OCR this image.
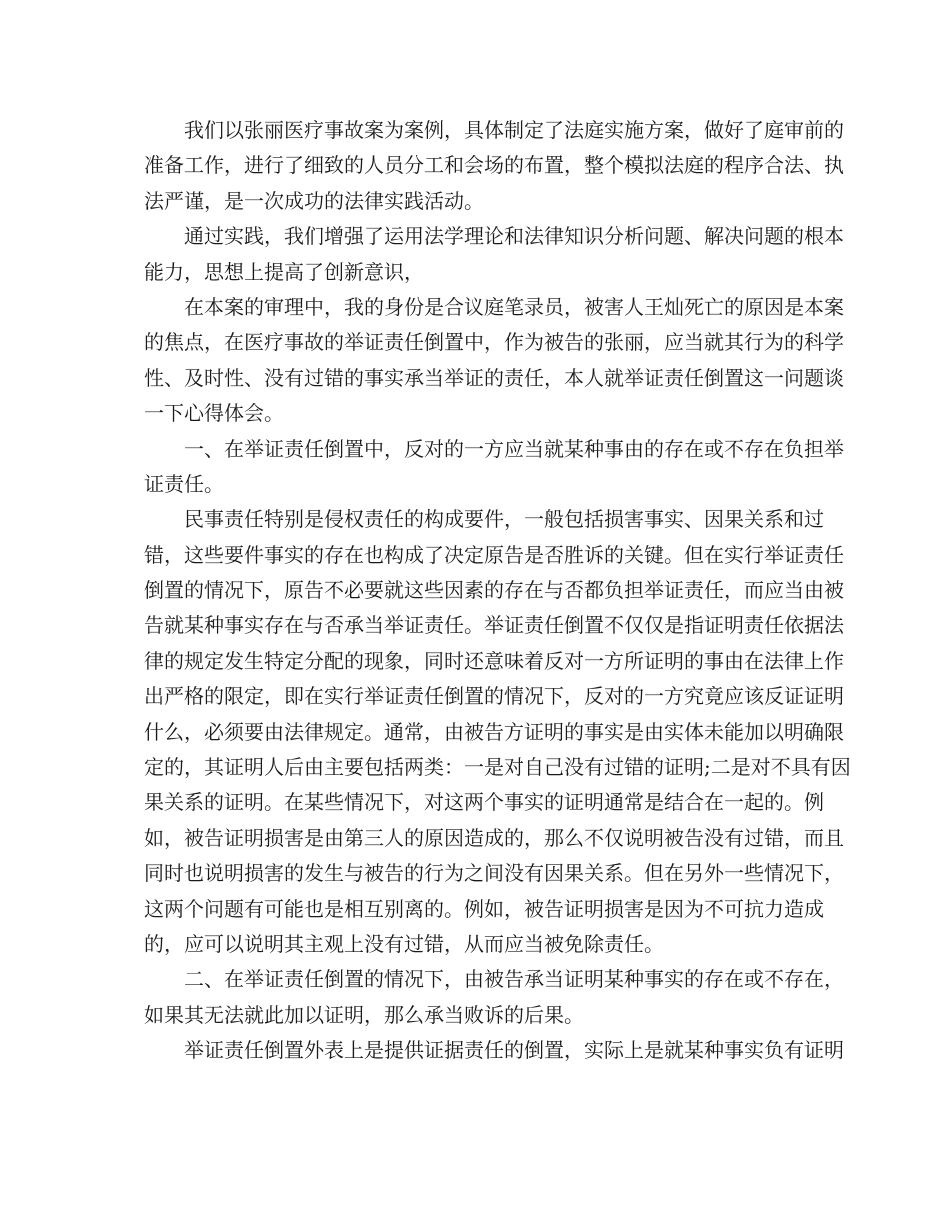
我们以张丽医疗事故案为案例，具体制定了法庭实施方案，做好了庭审前的
准备工作，进行了细致的人员分工和会场的布置，整个模拟法庭的程序合法、执
法严谨，是一次成功的法律实践活动。
通过实践，我们增强了运用法学理论和法律知识分析问题、解决问题的根本
能力，思想上提高了创新意识，
在本案的审理中，我的身份是合议庭笔录员，被害人王灿死亡的原因是本案
的焦点，在医疗事故的举证责任倒置中，作为被告的张丽，应当就其行为的科学
性、及时性、没有过错的事实承当举证的责任，本人就举证责任倒置这一问题谈
一下心得体会。
一、在举证责任倒置中，反对的一方应当就某种事由的存在或不存在负担举
证责任。
民事责任特别是侵权责任的构成要件，一般包括损害事实、因果关系和过
错，这些要件事实的存在也构成了决定原告是否胜诉的关键。但在实行举证责任
倒置的情况下，原告不必要就这些因素的存在与否都负担举证责任，而应当由被
告就某种事实存在与否承当举证责任。举证责任倒置不仅仅是指证明责任依据法
律的规定发生特定分配的现象，同时还意味着反对一方所证明的事由在法律上作
出严格的限定，即在实行举证责任倒置的情况下，反对的一方究竟应该反证证明
什么，必须要由法律规定。通常，由被告方证明的事实是由实体未能加以明确限
定的，其证明人后由主要包括两类：一是对自己没有过错的证明;二是对不具有因
果关系的证明。在某些情况下，对这两个事实的证明通常是结合在一起的。例
如，被告证明损害是由第三人的原因造成的，那么不仅说明被告没有过错，而且
同时也说明损害的发生与被告的行为之间没有因果关系。但在另外一些情况下，
这两个问题有可能也是相互别离的。例如，被告证明损害是因为不可抗力造成
的，应可以说明其主观上没有过错，从而应当被免除责任。
二、在举证责任倒置的情况下，由被告承当证明某种事实的存在或不存在，
如果其无法就此加以证明，那么承当败诉的后果。
举证责任倒置外表上是提供证据责任的倒置，实际上是就某种事实负有证明
